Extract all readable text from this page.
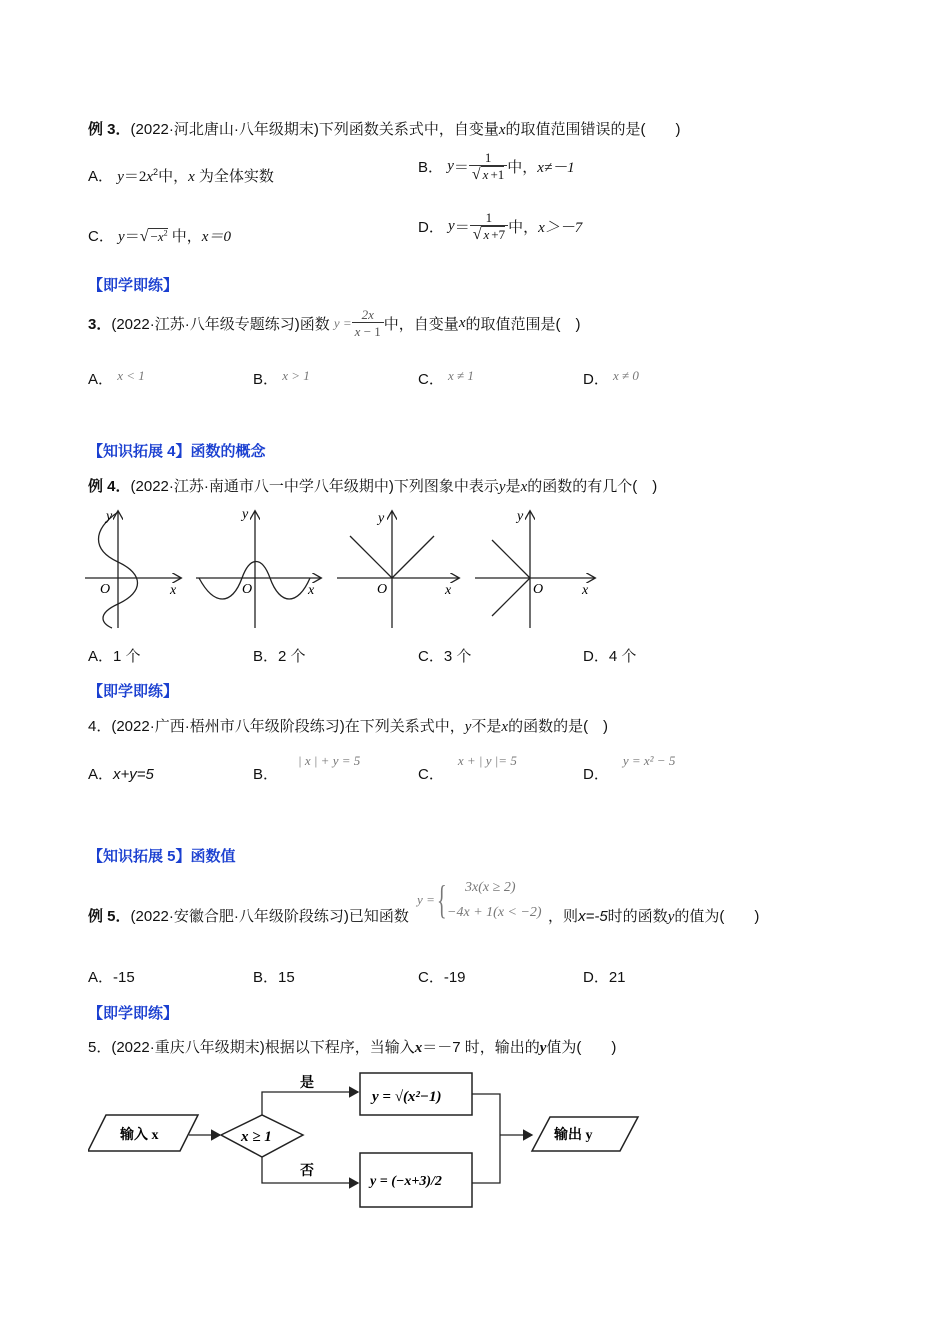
例 3．(2022·河北唐山·八年级期末)下列函数关系式中，自变量x的取值范围错误的是(　　)
A． $y=2x^2$中，x 为全体实数
B． $y= \frac{1}{√ x +1}$ 中，x≠－1
C． $y=√ -x^2$ 中，x＝0
D． $y= \frac{1}{√ x +7}$ 中，x＞－7
【即学即练】
3．(2022·江苏·八年级专题练习)函数 $y = \frac{2x}{x - 1}$ 中，自变量x的取值范围是(　)
A． x < 1	B． x > 1	C． x ≠ 1	D． x ≠ 0
【知识拓展 4】函数的概念
例 4．(2022·江苏·南通市八一中学八年级期中)下列图象中表示y是x的函数的有几个(　)
y
x
O
y
x
O
y
x
O
y
x
O
A．1 个	B．2 个	C．3 个	D．4 个
【即学即练】
4．(2022·广西·梧州市八年级阶段练习)在下列关系式中，y不是x的函数的是(　)
A．x+y=5	B．| x | + y = 5
C．x + | y |= 5
D．y = x² − 5
【知识拓展 5】函数值
例 5．(2022·安徽合肥·八年级阶段练习)已知函数
y = { 3x(x ≥ 2)
−4x + 1(x < −2) ，则x=-5时的函数y的值为(　　)
A．-15	B．15	C．-19	D．21
【即学即练】
5．(2022·重庆八年级期末)根据以下程序，当输入x＝－7 时，输出的y值为(　　)
输入 x	x ≥ 1
是
y = √(x²−1)
否
y = (−x+3)/2
输出 y
